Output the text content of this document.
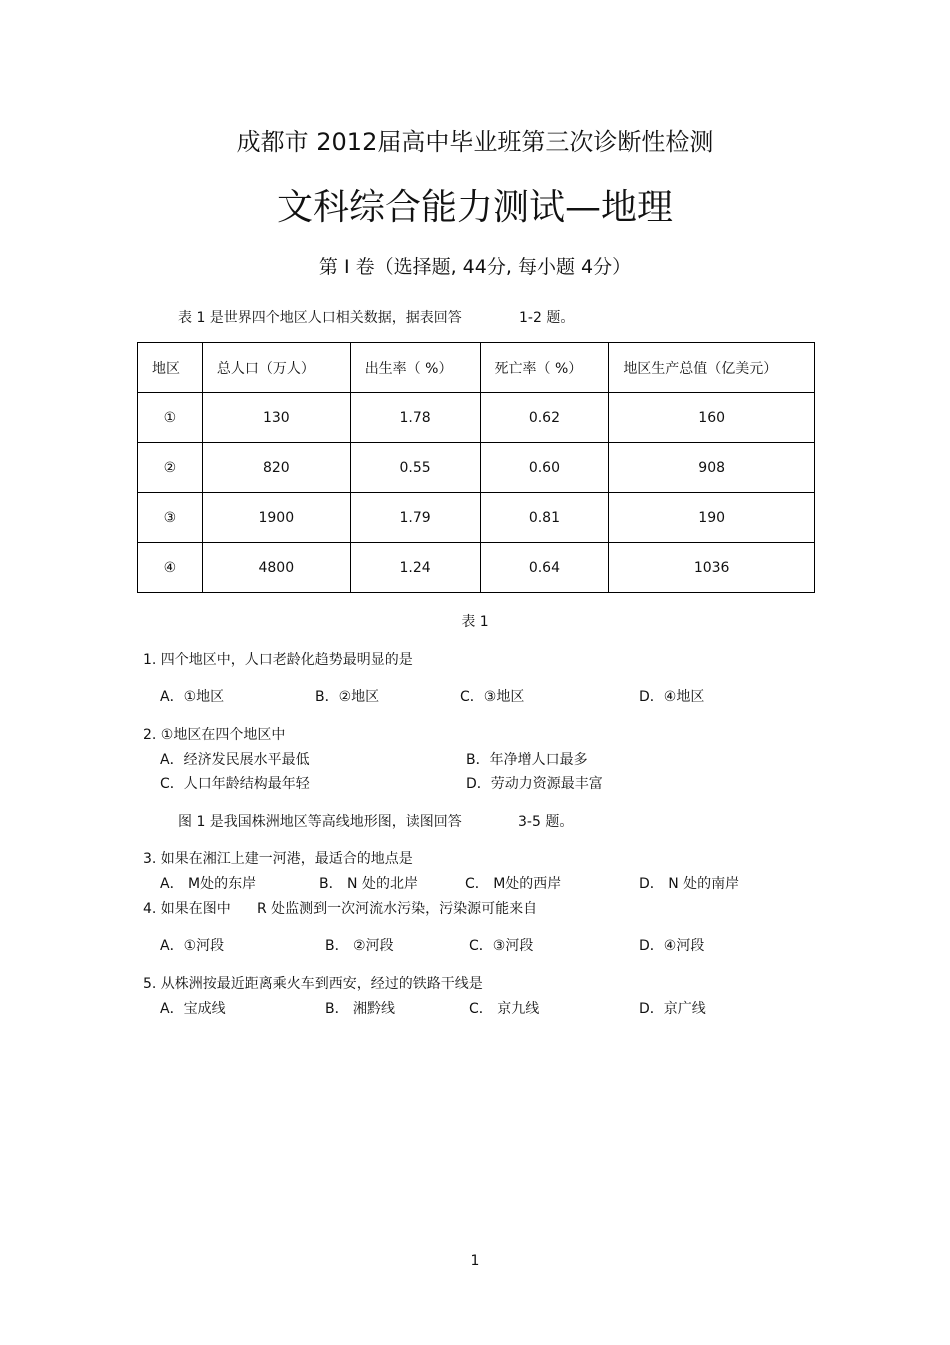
成都市 2012届高中毕业班第三次诊断性检测
文科综合能力测试—地理
第 I 卷（选择题, 44分, 每小题 4分）
表 1 是世界四个地区人口相关数据，据表回答	1-2 题。
地区	总人口（万人）	出生率（ %）	死亡率（ %）	地区生产总值（亿美元）
①	130	1.78	0.62	160
②	820	0.55	0.60	908
③	1900	1.79	0.81	190
④	4800	1.24	0.64	1036
表 1
1. 四个地区中，人口老龄化趋势最明显的是
A．①地区	B．②地区	C．③地区	D．④地区
2. ①地区在四个地区中
A．经济发民展水平最低	B．年净增人口最多
C．人口年龄结构最年轻	D．劳动力资源最丰富
图 1 是我国株洲地区等高线地形图，读图回答	3-5 题。
3. 如果在湘江上建一河港，最适合的地点是
A． M处的东岸	B． N 处的北岸	C． M处的西岸	D． N 处的南岸
4. 如果在图中 R 处监测到一次河流水污染，污染源可能来自
A．①河段	B． ②河段	C．③河段	D．④河段
5. 从株洲按最近距离乘火车到西安，经过的铁路干线是
A．宝成线	B． 湘黔线	C． 京九线	D．京广线
1
